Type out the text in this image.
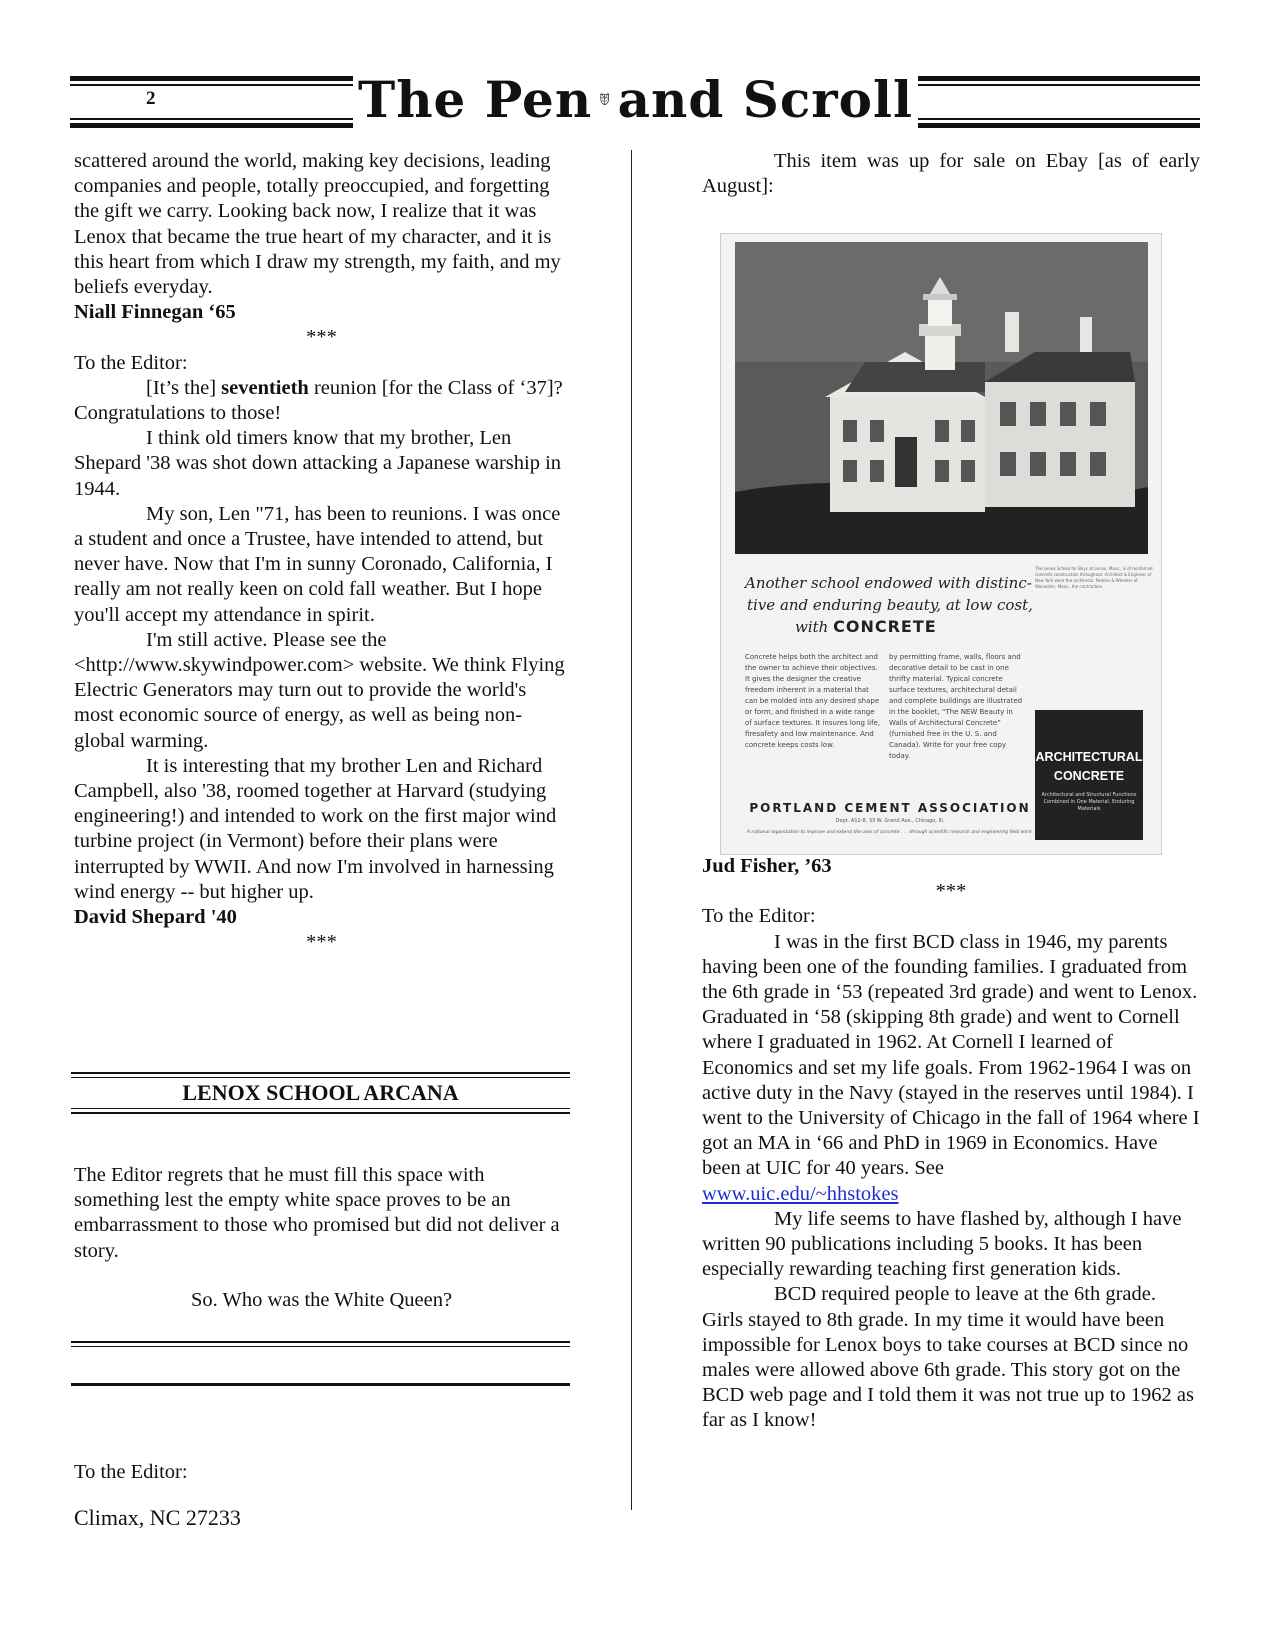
2	The Pen and Scroll

scattered around the world, making key decisions, leading companies and people, totally preoccupied, and forgetting the gift we carry. Looking back now, I realize that it was Lenox that became the true heart of my character, and it is this heart from which I draw my strength, my faith, and my beliefs everyday.

Niall Finnegan ‘65

***

To the Editor:

[It’s the] seventieth reunion [for the Class of ‘37]? Congratulations to those!

I think old timers know that my brother, Len Shepard '38 was shot down attacking a Japanese warship in 1944.

My son, Len "71, has been to reunions. I was once a student and once a Trustee, have intended to attend, but never have. Now that I'm in sunny Coronado, California, I really am not really keen on cold fall weather. But I hope you'll accept my attendance in spirit.

I'm still active. Please see the <http://www.skywindpower.com> website. We think Flying Electric Generators may turn out to provide the world's most economic source of energy, as well as being non-global warming.

It is interesting that my brother Len and Richard Campbell, also '38, roomed together at Harvard (studying engineering!) and intended to work on the first major wind turbine project (in Vermont) before their plans were interrupted by WWII. And now I'm involved in harnessing wind energy -- but higher up.

David Shepard '40

***

LENOX SCHOOL ARCANA
The Editor regrets that he must fill this space with something lest the empty white space proves to be an embarrassment to those who promised but did not deliver a story.
So. Who was the White Queen?
To the Editor:
Climax, NC 27233

This item was up for sale on Ebay [as of early August]:

Another school endowed with distinc-
tive and enduring beauty, at low cost,
with CONCRETE
The Lenox School for Boys at Lenox, Mass., is of reinforced concrete construction throughout. Architect & Engineer of New York were the architects. Perkins & Wheeler of Worcester, Mass., the contractors.
Concrete helps both the architect and the owner to achieve their objectives. It gives the designer the creative freedom inherent in a material that can be molded into any desired shape or form, and finished in a wide range of surface textures. It insures long life, firesafety and low maintenance. And concrete keeps costs low.
by permitting frame, walls, floors and decorative detail to be cast in one thrifty material. Typical concrete surface textures, architectural detail and complete buildings are illustrated in the booklet, “The NEW Beauty in Walls of Architectural Concrete” (furnished free in the U. S. and Canada). Write for your free copy today.	ARCHITECTURAL
CONCRETE
Architectural and Structural Functions Combined in One Material, Enduring Materials
PORTLAND CEMENT ASSOCIATION
Dept. A12-8, 33 W. Grand Ave., Chicago, Ill.
A national organization to improve and extend the uses of concrete . . . through scientific research and engineering field work.

Jud Fisher, ’63

***

To the Editor:

I was in the first BCD class in 1946, my parents having been one of the founding families. I graduated from the 6th grade in ‘53 (repeated 3rd grade) and went to Lenox. Graduated in ‘58 (skipping 8th grade) and went to Cornell where I graduated in 1962. At Cornell I learned of Economics and set my life goals. From 1962-1964 I was on active duty in the Navy (stayed in the reserves until 1984). I went to the University of Chicago in the fall of 1964 where I got an MA in ‘66 and PhD in 1969 in Economics. Have been at UIC for 40 years. See

www.uic.edu/~hhstokes

My life seems to have flashed by, although I have written 90 publications including 5 books. It has been especially rewarding teaching first generation kids.

BCD required people to leave at the 6th grade. Girls stayed to 8th grade. In my time it would have been impossible for Lenox boys to take courses at BCD since no males were allowed above 6th grade. This story got on the BCD web page and I told them it was not true up to 1962 as far as I know!
